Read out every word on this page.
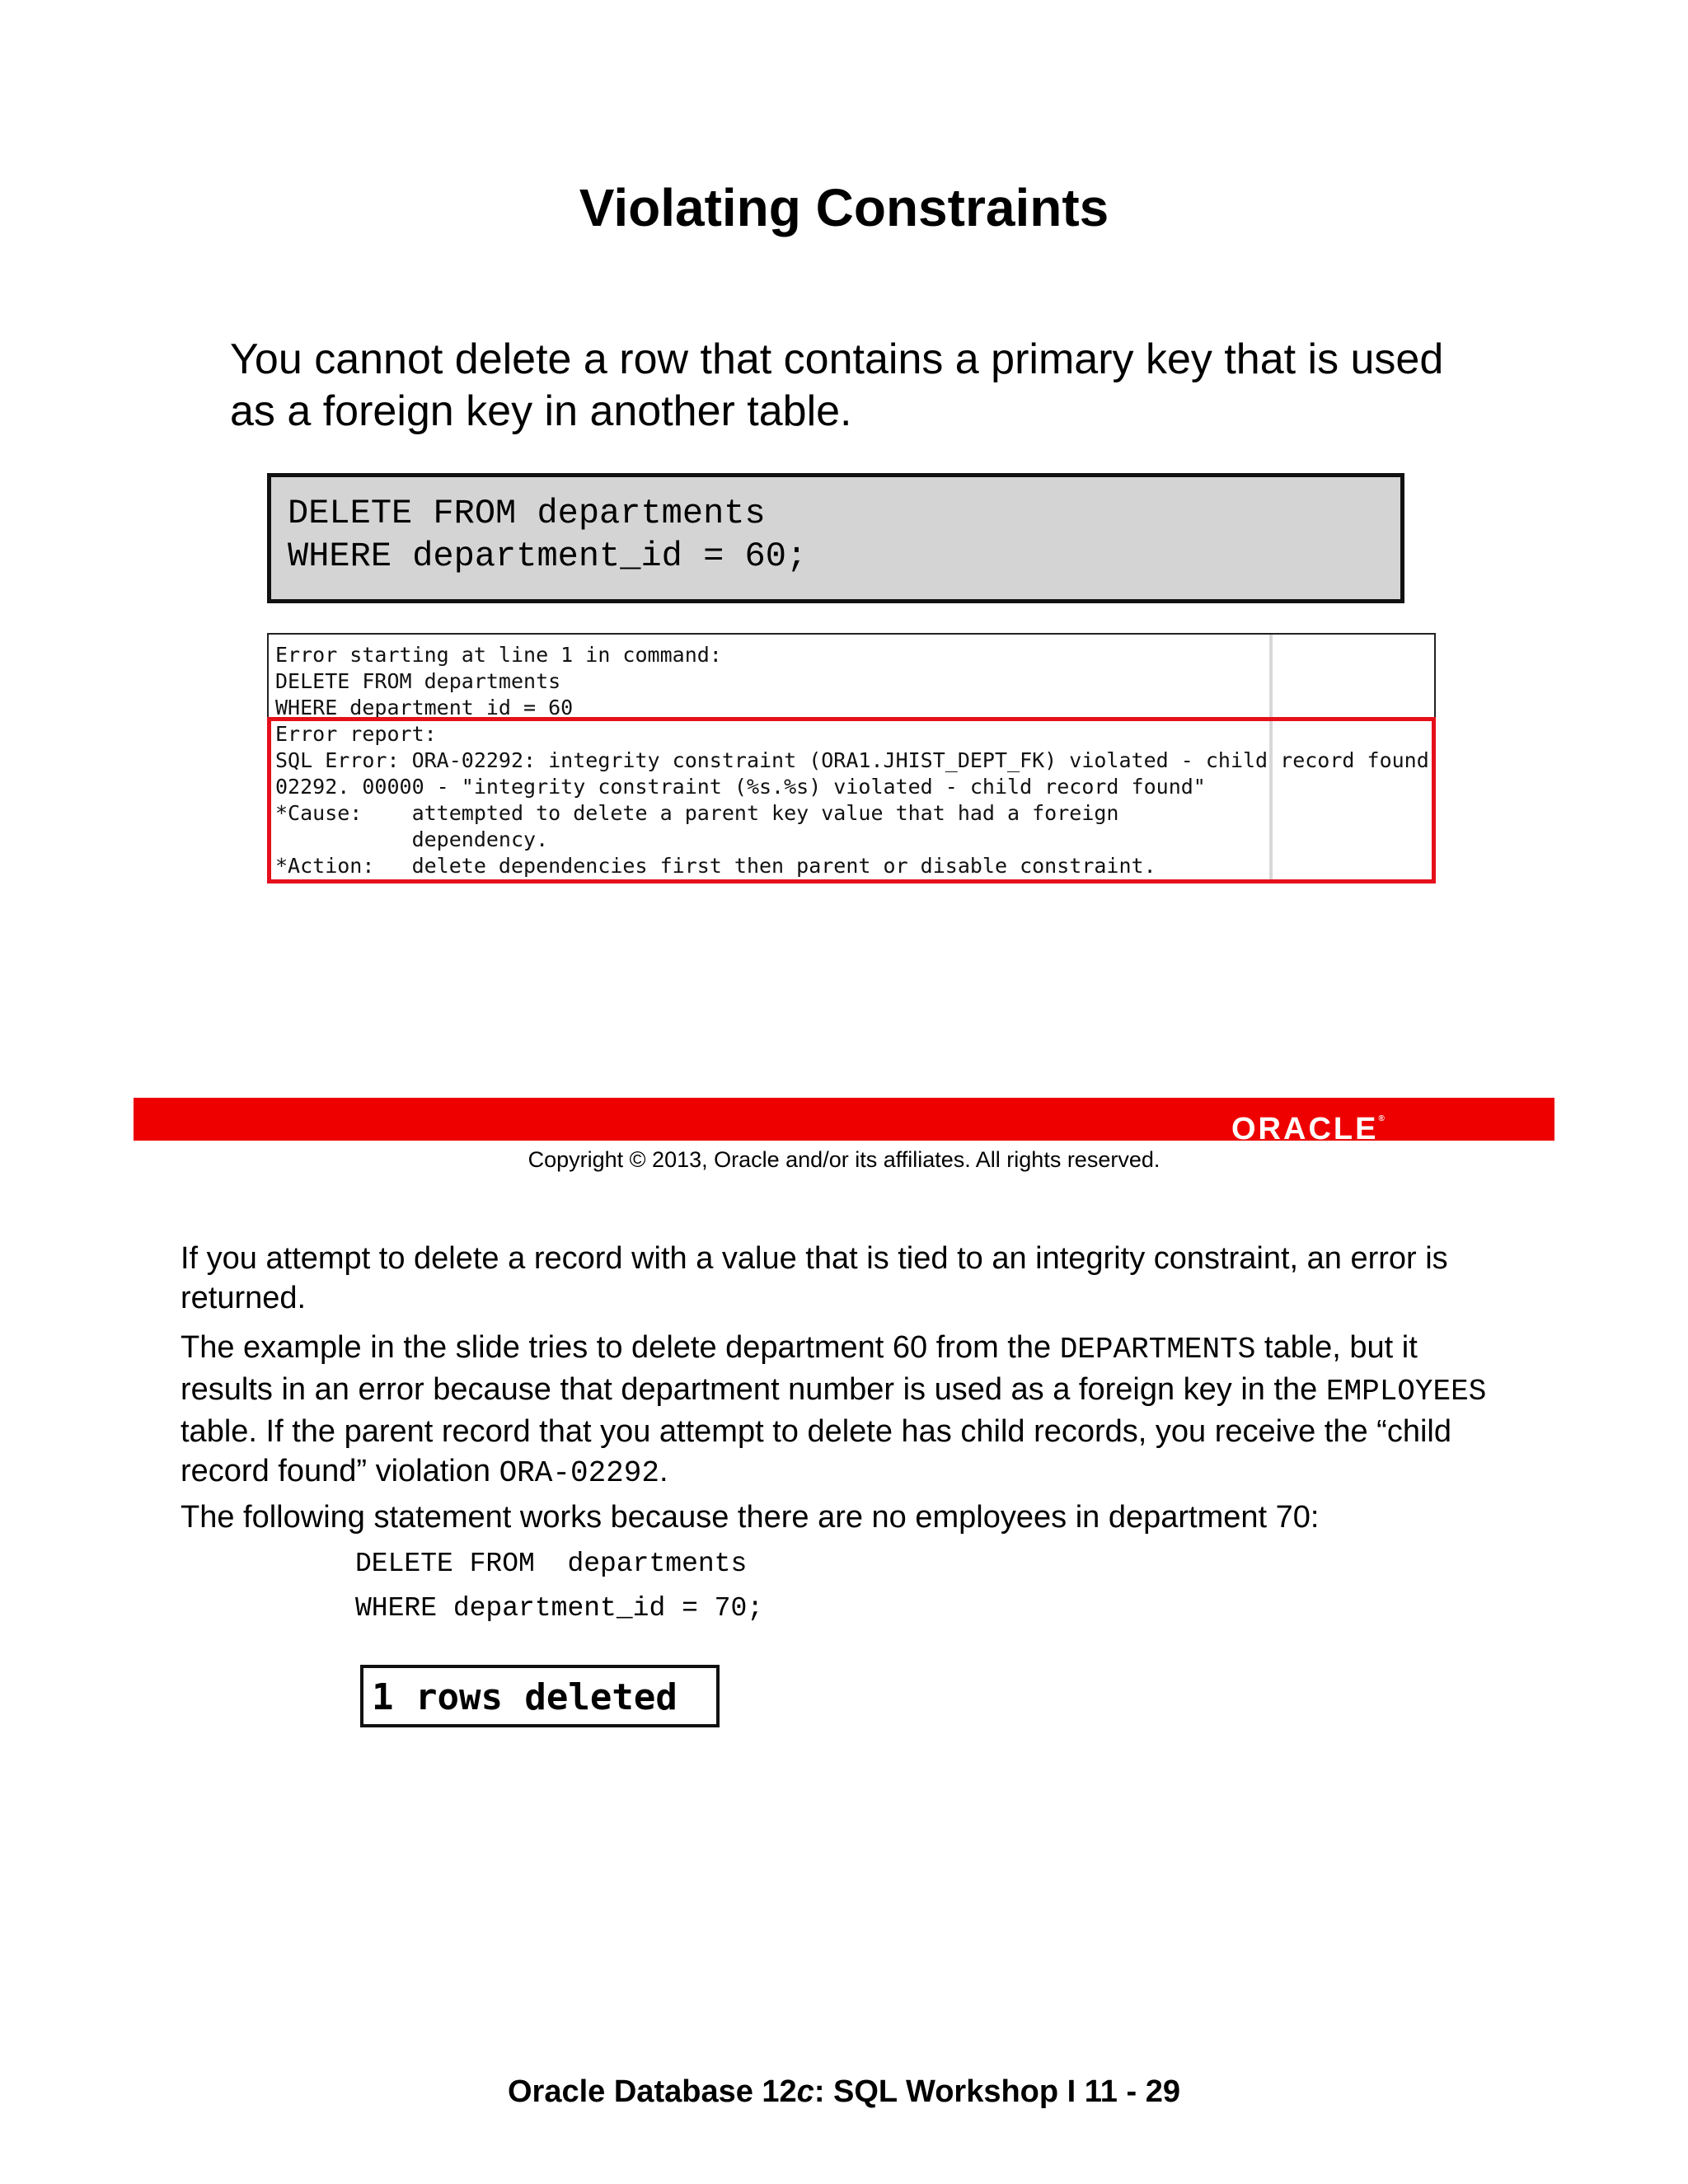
Violating Constraints
You cannot delete a row that contains a primary key that is used as a foreign key in another table.
DELETE FROM departments
WHERE department_id = 60;
Error starting at line 1 in command:
DELETE FROM departments
WHERE department_id = 60
Error report:
SQL Error: ORA-02292: integrity constraint (ORA1.JHIST_DEPT_FK) violated - child record found
02292. 00000 - "integrity constraint (%s.%s) violated - child record found"
*Cause:    attempted to delete a parent key value that had a foreign
dependency.
*Action:   delete dependencies first then parent or disable constraint.
ORACLE®
Copyright © 2013, Oracle and/or its affiliates. All rights reserved.
If you attempt to delete a record with a value that is tied to an integrity constraint, an error is returned.
The example in the slide tries to delete department 60 from the DEPARTMENTS table, but it results in an error because that department number is used as a foreign key in the EMPLOYEES table. If the parent record that you attempt to delete has child records, you receive the “child record found” violation ORA-02292.
The following statement works because there are no employees in department 70:
DELETE FROM  departments
WHERE department_id = 70;
1 rows deleted
Oracle Database 12c: SQL Workshop I 11 - 29
